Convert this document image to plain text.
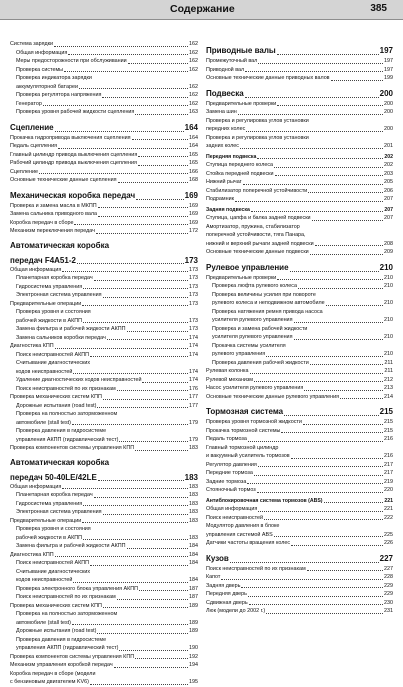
Содержание	385
Система зарядки	162
Общая информация	162
Меры предосторожности при обслуживании	162
Проверка системы	162
Проверка индикатора зарядки
аккумуляторной батареи	162
Проверка регулятора напряжения	162
Генератор	162
Проверка уровня рабочей жидкости сцепления	163
Сцепление	164
Прокачка гидропривода выключения сцепления	164
Педаль сцепления	164
Главный цилиндр привода выключения сцепления	165
Рабочий цилиндр привода выключения сцепления	165
Сцепление	166
Основные технические данные сцепления	168
Механическая коробка передач	169
Проверка и замена масла в МКПП	169
Замена сальника приводного вала	169
Коробка передач в сборе	169
Механизм переключения передач	172
Автоматическая коробка
передач F4A51-2	173
Общая информация	173
Планетарная коробка передач	173
Гидросистема управления	173
Электронная система управления	173
Предварительные операции	173
Проверка уровня и состояния
рабочей жидкости в АКПП	173
Замена фильтра и рабочей жидкости АКПП	173
Замена сальников коробки передач	174
Диагностика КПП	174
Поиск неисправностей АКПП	174
Считывание диагностических
кодов неисправностей	174
Удаление диагностических кодов неисправностей	174
Поиск неисправностей по их признакам	176
Проверка механических систем КПП	177
Дорожные испытания (road test)	177
Проверка на полностью заторможенном
автомобиле (stall test)	179
Проверка давления в гидросистеме
управления АКПП (гидравлический тест)	179
Проверка компонентов системы управления КПП	183
Автоматическая коробка
передач 50-40LE/42LE	183
Общая информация	183
Планетарная коробка передач	183
Гидросистема управления	183
Электронная система управления	183
Предварительные операции	183
Проверка уровня и состояния
рабочей жидкости в АКПП	183
Замена фильтра и рабочей жидкости АКПП	184
Диагностика КПП	184
Поиск неисправностей АКПП	184
Считывание диагностических
кодов неисправностей	184
Проверка электронного блока управления АКПП	187
Поиск неисправностей по их признакам	187
Проверка механических систем КПП	189
Проверка на полностью заторможенном
автомобиле (stall test)	189
Дорожные испытания (road test)	189
Проверка давления в гидросистеме
управления АКПП (гидравлический тест)	190
Проверка компонентов системы управления КПП	192
Механизм управления коробкой передач	194
Коробка передач в сборе (модели
с бензиновым двигателем KV6)	195
Приводные валы	197
Промежуточный вал	197
Приводной вал	197
Основные технические данные приводных валов	199
Подвеска	200
Предварительные проверки	200
Замена шин	200
Проверка и регулировка углов установки
передних колес	200
Проверка и регулировка углов установки
задних колес	201
Передняя подвеска	202
Ступица переднего колеса	202
Стойка передней подвески	203
Нижний рычаг	205
Стабилизатор поперечной устойчивости	206
Подрамник	207
Задняя подвеска	207
Ступица, цапфа и балка задней подвески	207
Амортизатор, пружина, стабилизатор
поперечной устойчивости, тяга Панара,
нижний и верхний рычаги задней подвески	208
Основные технические данные подвески	209
Рулевое управление	210
Предварительные проверки	210
Проверка люфта рулевого колеса	210
Проверка величины усилия при повороте
рулевого колеса и неподвижном автомобиле	210
Проверка натяжения ремня привода насоса
усилителя рулевого управления	210
Проверка и замена рабочей жидкости
усилителя рулевого управления	210
Прокачка системы усилителя
рулевого управления	210
Проверка давления рабочей жидкости	211
Рулевая колонка	211
Рулевой механизм	212
Насос усилителя рулевого управления	213
Основные технические данные рулевого управления	214
Тормозная система	215
Проверка уровня тормозной жидкости	215
Прокачка тормозной системы	215
Педаль тормоза	216
Главный тормозной цилиндр
и вакуумный усилитель тормозов	216
Регулятор давления	217
Передние тормоза	217
Задние тормоза	219
Стояночный тормоз	220
Антиблокировочная система тормозов (ABS)	221
Общая информация	221
Поиск неисправностей	222
Модулятор давления в блоке
управления системой ABS	225
Датчики частоты вращения колес	226
Кузов	227
Поиск неисправностей по их признакам	227
Капот	228
Задняя дверь	229
Передняя дверь	229
Сдвижная дверь	230
Люк (модели до 2002 г.)	231
